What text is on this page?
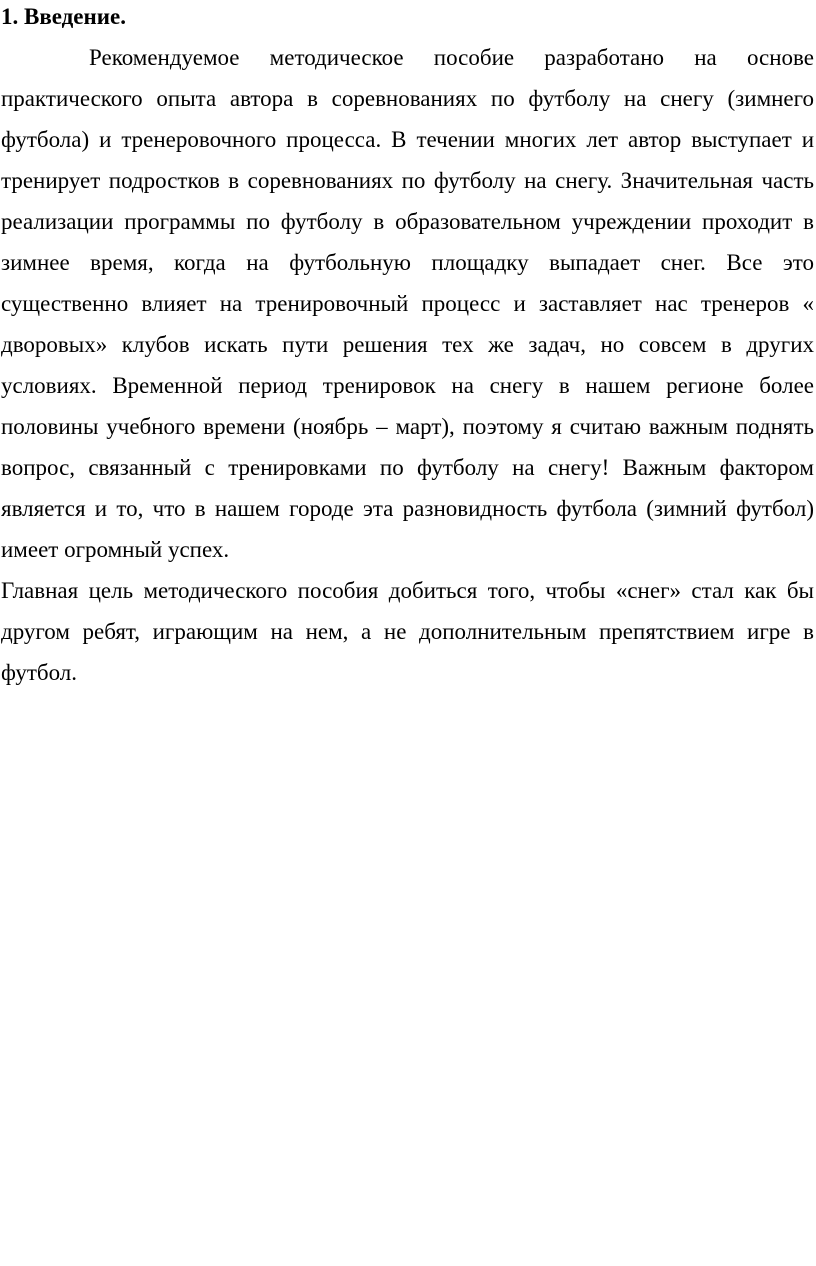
1. Введение.

Рекомендуемое методическое пособие разработано на основе практического опыта автора в соревнованиях по футболу на снегу (зимнего футбола) и тренеровочного процесса. В течении многих лет автор выступает и тренирует подростков в соревнованиях по футболу на снегу. Значительная часть реализации программы по футболу в образовательном учреждении проходит в зимнее время, когда на футбольную площадку выпадает снег. Все это существенно влияет на тренировочный процесс и заставляет нас тренеров « дворовых» клубов искать пути решения тех же задач, но совсем в других условиях. Временной период тренировок на снегу в нашем регионе более половины учебного времени (ноябрь – март), поэтому я считаю важным поднять вопрос, связанный с тренировками по футболу на снегу! Важным фактором является и то, что в нашем городе эта разновидность футбола (зимний футбол) имеет огромный успех.

Главная цель методического пособия добиться того, чтобы «снег» стал как бы другом ребят, играющим на нем, а не дополнительным препятствием игре в футбол.
